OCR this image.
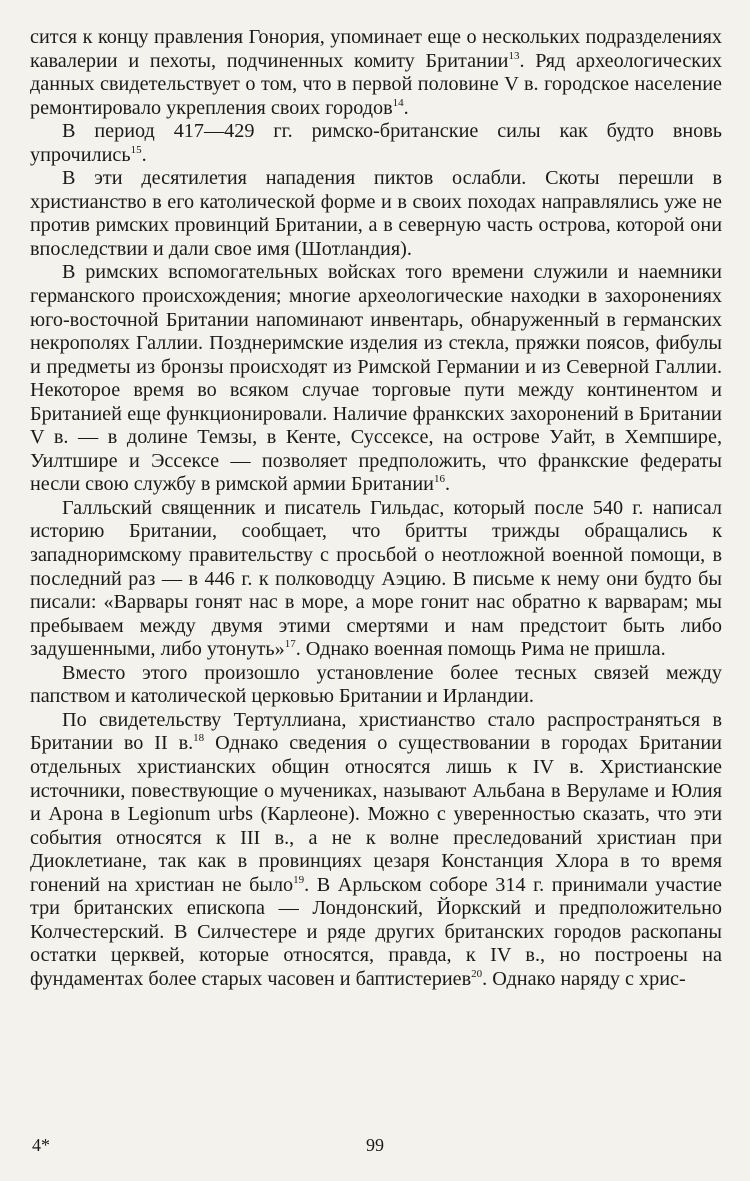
сится к концу правления Гонория, упоминает еще о нескольких подразделениях кавалерии и пехоты, подчиненных комиту Британии$^{13}$. Ряд археологических данных свидетельствует о том, что в первой половине V в. городское население ремонтировало укрепления своих городов$^{14}$.

В период 417—429 гг. римско-британские силы как будто вновь упрочились$^{15}$.

В эти десятилетия нападения пиктов ослабли. Скоты перешли в христианство в его католической форме и в своих походах направлялись уже не против римских провинций Британии, а в северную часть острова, которой они впоследствии и дали свое имя (Шотландия).

В римских вспомогательных войсках того времени служили и наемники германского происхождения; многие археологические находки в захоронениях юго-восточной Британии напоминают инвентарь, обнаруженный в германских некрополях Галлии. Позднеримские изделия из стекла, пряжки поясов, фибулы и предметы из бронзы происходят из Римской Германии и из Северной Галлии. Некоторое время во всяком случае торговые пути между континентом и Британией еще функционировали. Наличие франкских захоронений в Британии V в. — в долине Темзы, в Кенте, Суссексе, на острове Уайт, в Хемпшире, Уилтшире и Эссексе — позволяет предположить, что франкские федераты несли свою службу в римской армии Британии$^{16}$.

Галльский священник и писатель Гильдас, который после 540 г. написал историю Британии, сообщает, что бритты трижды обращались к западноримскому правительству с просьбой о неотложной военной помощи, в последний раз — в 446 г. к полководцу Аэцию. В письме к нему они будто бы писали: «Варвары гонят нас в море, а море гонит нас обратно к варварам; мы пребываем между двумя этими смертями и нам предстоит быть либо задушенными, либо утонуть»$^{17}$. Однако военная помощь Рима не пришла.

Вместо этого произошло установление более тесных связей между папством и католической церковью Британии и Ирландии.

По свидетельству Тертуллиана, христианство стало распространяться в Британии во II в.$^{18}$ Однако сведения о существовании в городах Британии отдельных христианских общин относятся лишь к IV в. Христианские источники, повествующие о мучениках, называют Альбана в Веруламе и Юлия и Арона в Legionum urbs (Карлеоне). Можно с уверенностью сказать, что эти события относятся к III в., а не к волне преследований христиан при Диоклетиане, так как в провинциях цезаря Констанция Хлора в то время гонений на христиан не было$^{19}$. В Арльском соборе 314 г. принимали участие три британских епископа — Лондонский, Йоркский и предположительно Колчестерский. В Силчестере и ряде других британских городов раскопаны остатки церквей, которые относятся, правда, к IV в., но построены на фундаментах более старых часовен и баптистериев$^{20}$. Однако наряду с хрис-

4*	99
